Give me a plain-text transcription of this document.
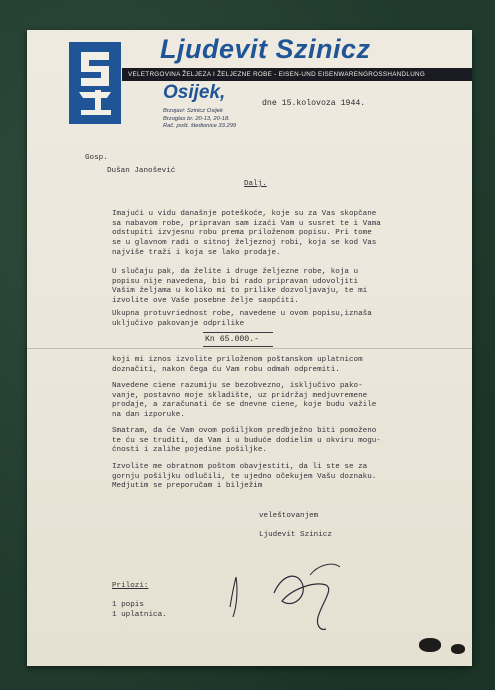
Ljudevit Szinicz
VELETRGOVINA ŽELJEZA I ŽELJEZNE ROBE - EISEN-UND EISENWARENGROSSHANDLUNG
Osijek,
Brzojavi: Szinicz Osijek
Brzoglas br. 20-13, 20-18.
Rač. pošt. štedionice 33.299
dne 15.kolovoza 1944.
Gosp.
Dušan Janošević
Dalj.
Imajući u vidu današnje poteškoće, koje su za Vas skopčane
sa nabavom robe, pripravan sam izaći Vam u susret te i Vama
odstupiti izvjesnu robu prema priloženom popisu. Pri tome
se u glavnom radi o sitnoj željeznoj robi, koja se kod Vas
najviše traži i koja se lako prodaje.
U slučaju pak, da želite i druge željezne robe, koja u
popisu nije navedena, bio bi rado pripravan udovoljiti
Vašim željama u koliko mi to prilike dozvoljavaju, te mi
izvolite ove Vaše posebne želje saopćiti.
Ukupna protuvriednost robe, navedene u ovom popisu,iznaša
uključivo pakovanje odprilike
Kn 65.000.-
koji mi iznos izvolite priloženom poštanskom uplatnicom
doznačiti, nakon čega ću Vam robu odmah odpremiti.
Navedene ciene razumiju se bezobvezno, isključivo pako-
vanje, postavno moje skladište, uz pridržaj medjuvremene
prodaje, a zaračunati će se dnevne ciene, koje budu važile
na dan izporuke.
Smatram, da će Vam ovom pošiljkom predbježno biti pomoženo
te ću se truditi, da Vam i u buduće dodielim u okviru mogu-
ćnosti i zalihe pojedine pošiljke.
Izvolite me obratnom poštom obavjestiti, da li ste se za
gornju pošiljku odlučili, te ujedno očekujem Vašu doznaku.
Medjutim se preporučam i bilježim
veleštovanjem
Ljudevit Szinicz
Prilozi:
1 popis
1 uplatnica.
